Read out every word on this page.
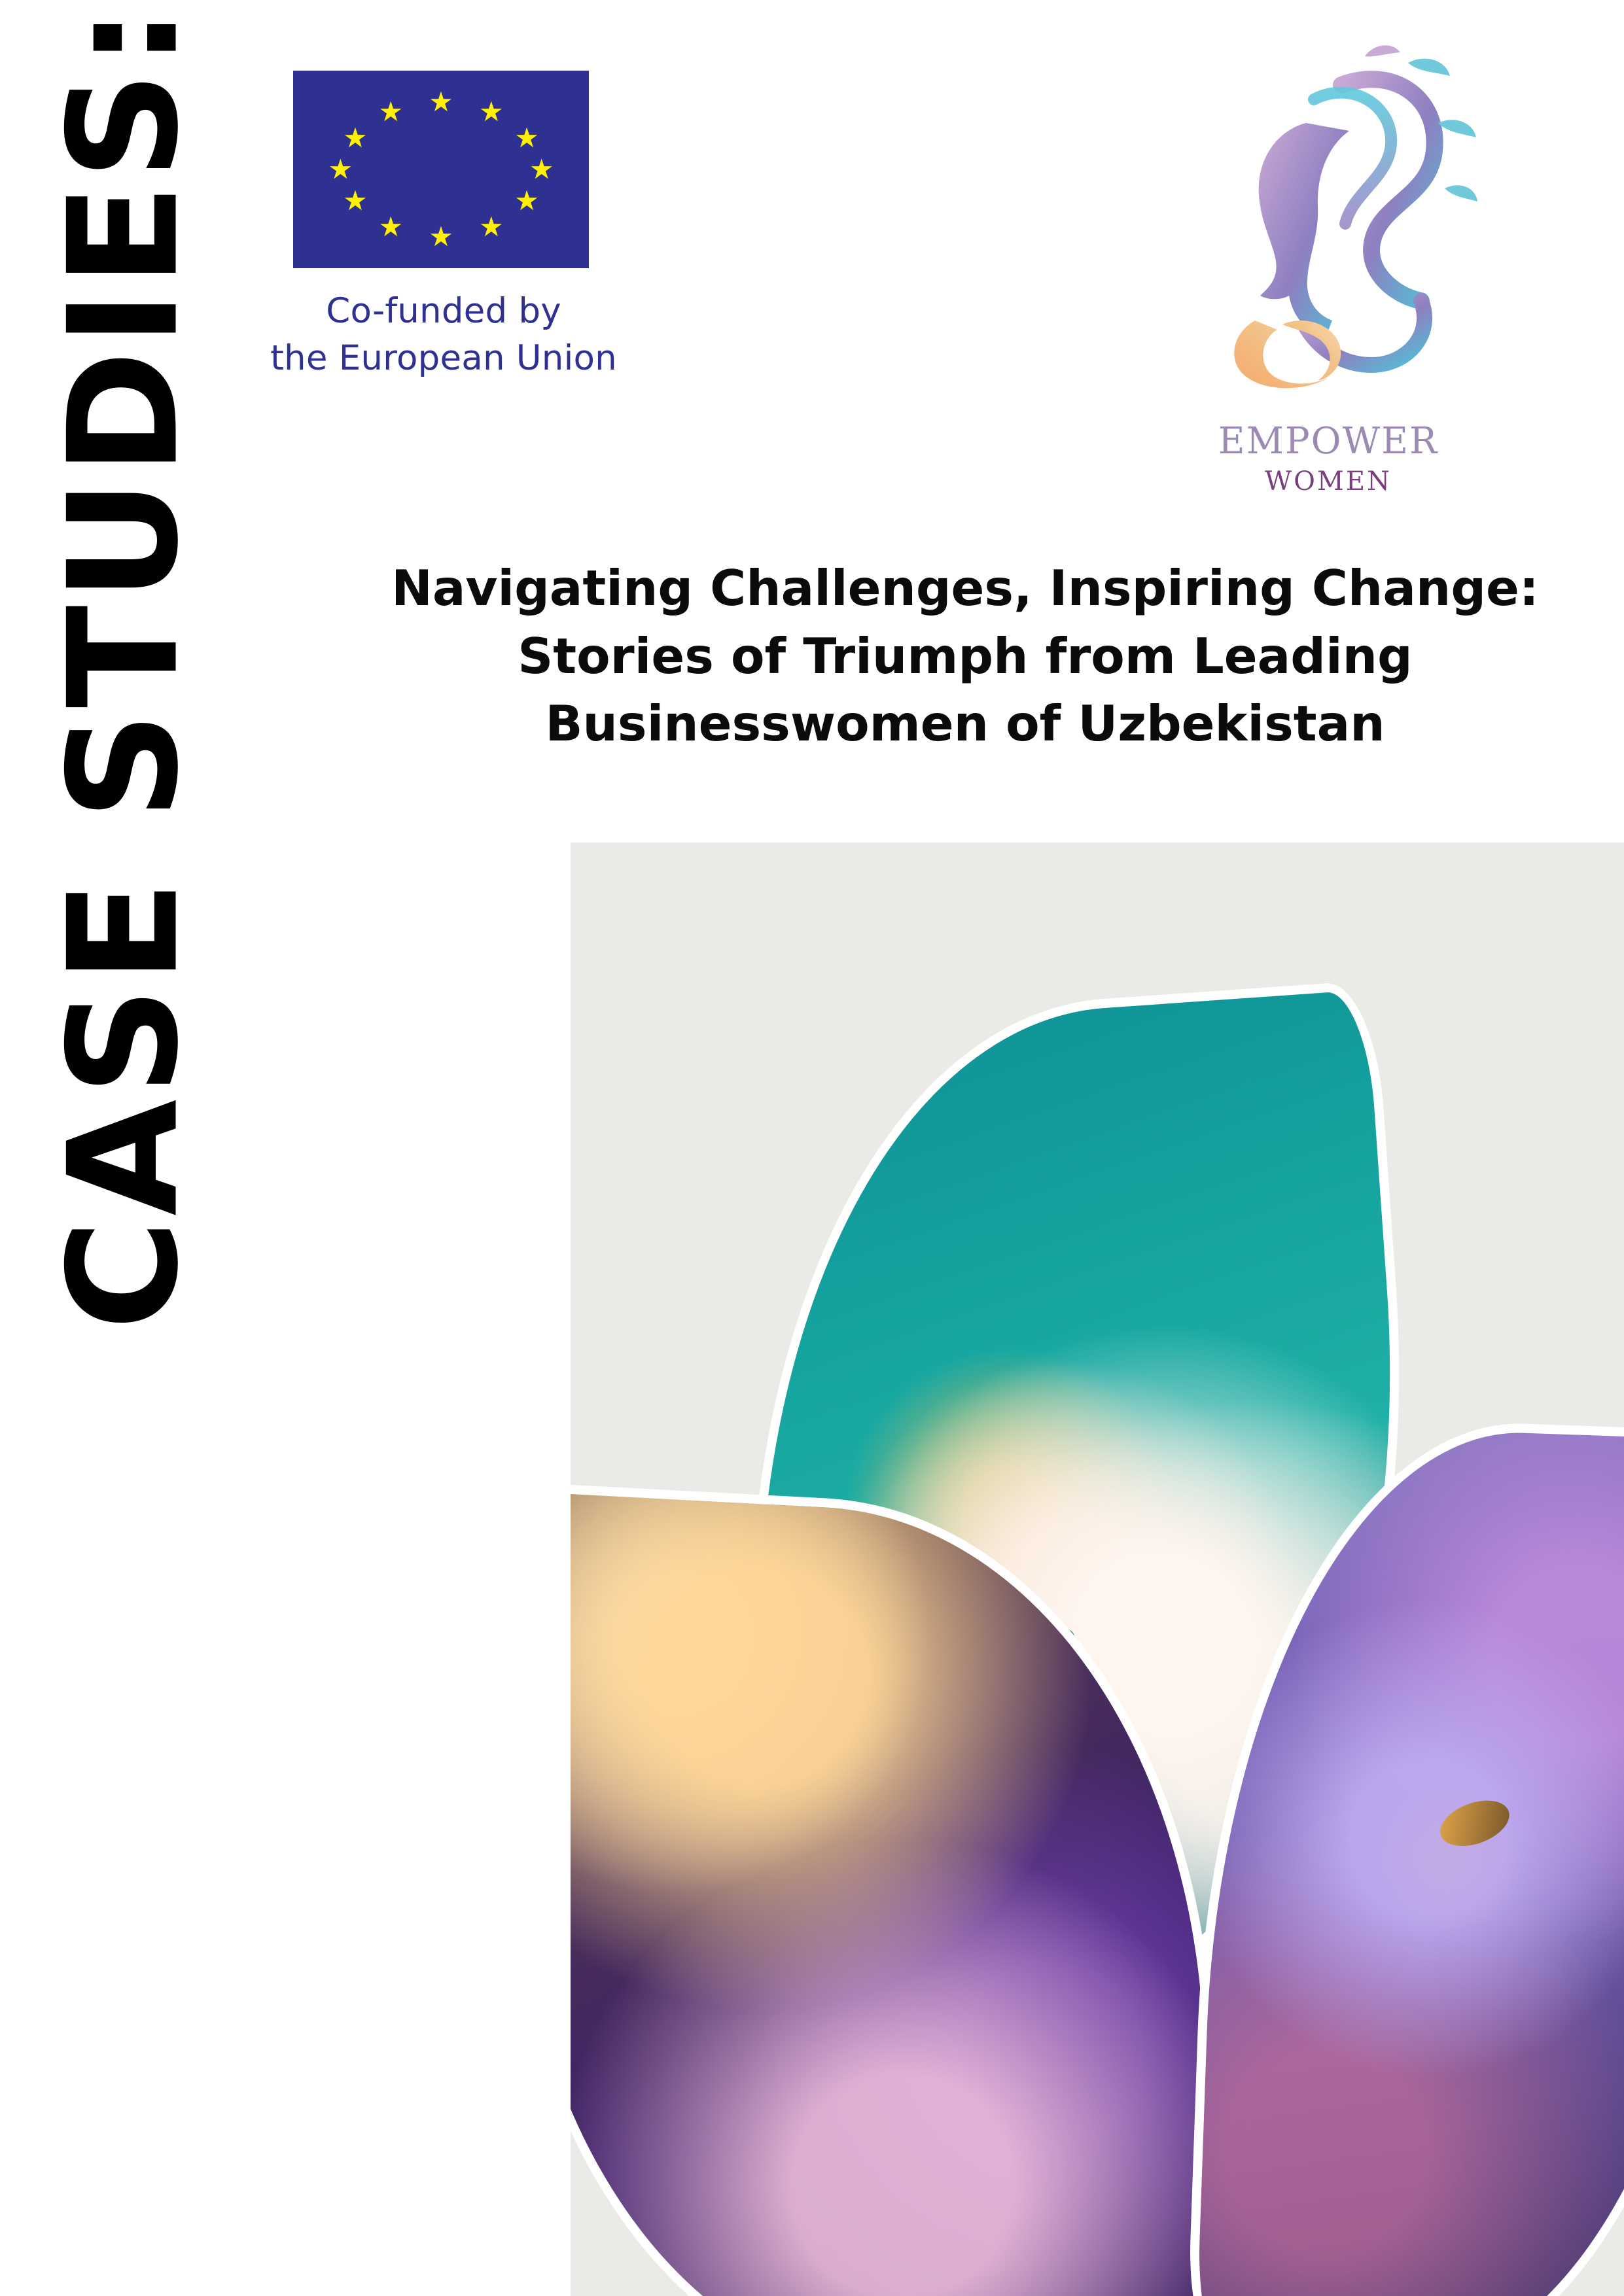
★ ★
★
★
★
★
★
★
★
★
★
★
Co-funded by
the European Union
EMPOWER
WOMEN
CASE STUDIES:	Navigating Challenges, Inspiring Change:
Stories of Triumph from Leading
Businesswomen of Uzbekistan
